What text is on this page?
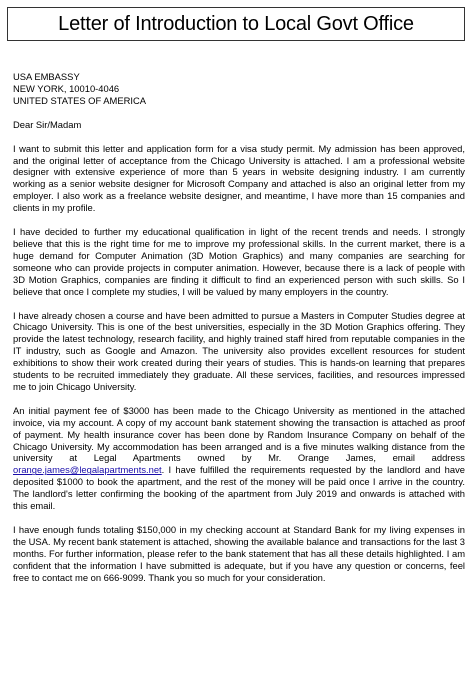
Letter of Introduction to Local Govt Office
USA EMBASSY
NEW YORK, 10010-4046
UNITED STATES OF AMERICA
Dear Sir/Madam

I want to submit this letter and application form for a visa study permit. My admission has been approved, and the original letter of acceptance from the Chicago University is attached. I am a professional website designer with extensive experience of more than 5 years in website designing industry. I am currently working as a senior website designer for Microsoft Company and attached is also an original letter from my employer. I also work as a freelance website designer, and meantime, I have more than 15 companies and clients in my profile.

I have decided to further my educational qualification in light of the recent trends and needs. I strongly believe that this is the right time for me to improve my professional skills. In the current market, there is a huge demand for Computer Animation (3D Motion Graphics) and many companies are searching for someone who can provide projects in computer animation. However, because there is a lack of people with 3D Motion Graphics, companies are finding it difficult to find an experienced person with such skills. So I believe that once I complete my studies, I will be valued by many employers in the country.

I have already chosen a course and have been admitted to pursue a Masters in Computer Studies degree at Chicago University. This is one of the best universities, especially in the 3D Motion Graphics offering. They provide the latest technology, research facility, and highly trained staff hired from reputable companies in the IT industry, such as Google and Amazon. The university also provides excellent resources for student exhibitions to show their work created during their years of studies. This is hands-on learning that prepares students to be recruited immediately they graduate. All these services, facilities, and resources impressed me to join Chicago University.

An initial payment fee of $3000 has been made to the Chicago University as mentioned in the attached invoice, via my account. A copy of my account bank statement showing the transaction is attached as proof of payment. My health insurance cover has been done by Random Insurance Company on behalf of the Chicago University. My accommodation has been arranged and is a five minutes walking distance from the university at Legal Apartments owned by Mr. Orange James, email address orange.james@legalapartments.net. I have fulfilled the requirements requested by the landlord and have deposited $1000 to book the apartment, and the rest of the money will be paid once I arrive in the country. The landlord's letter confirming the booking of the apartment from July 2019 and onwards is attached with this email.

I have enough funds totaling $150,000 in my checking account at Standard Bank for my living expenses in the USA. My recent bank statement is attached, showing the available balance and transactions for the last 3 months. For further information, please refer to the bank statement that has all these details highlighted. I am confident that the information I have submitted is adequate, but if you have any question or concerns, feel free to contact me on 666-9099. Thank you so much for your consideration.
